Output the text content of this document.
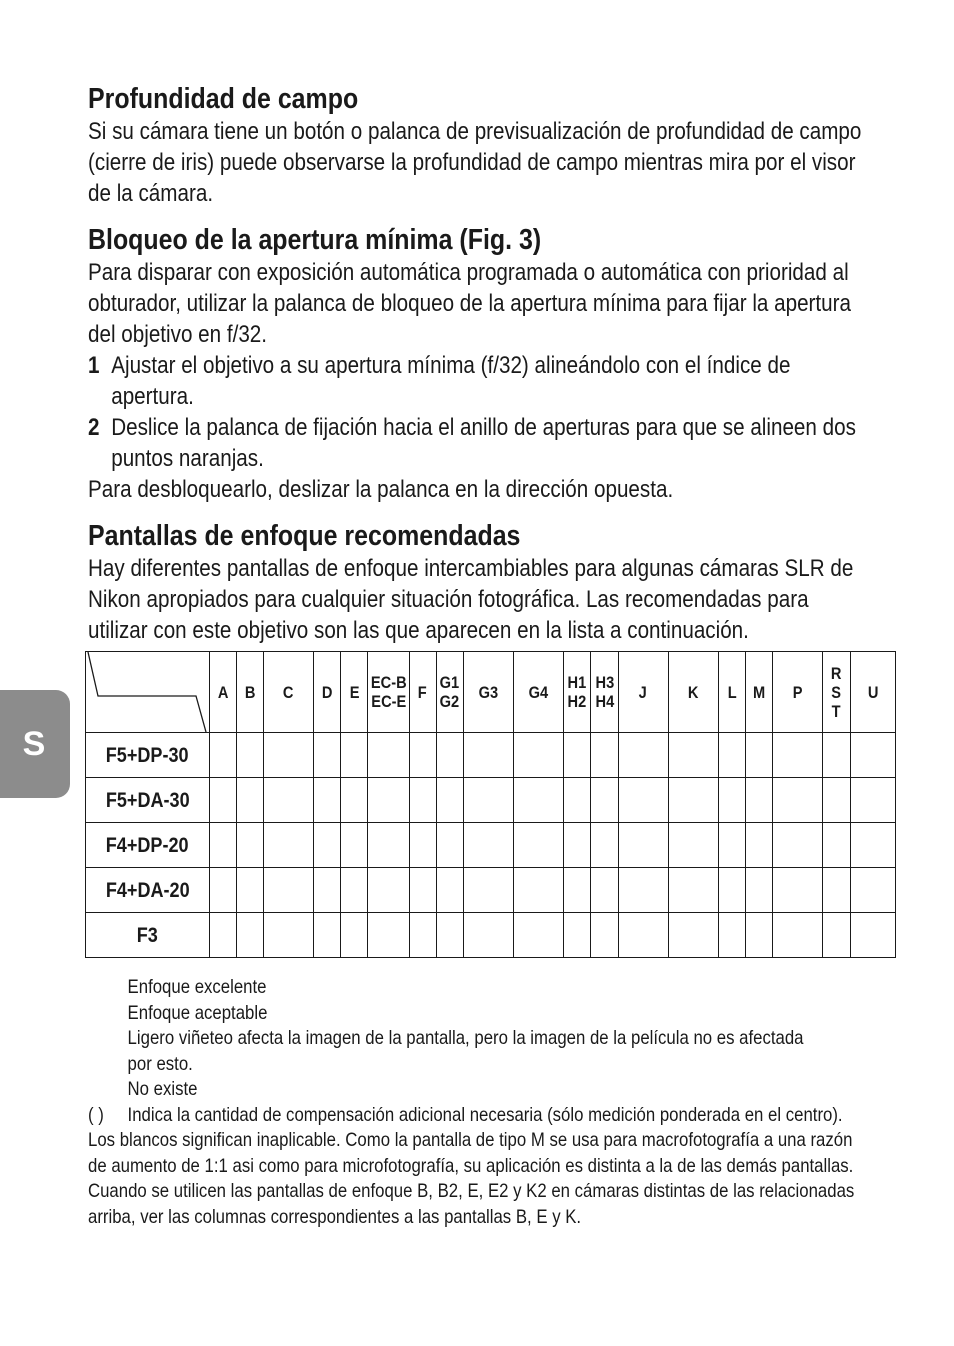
S
Profundidad de campo
Si su cámara tiene un botón o palanca de previsualización de profundidad de campo
(cierre de iris) puede observarse la profundidad de campo mientras mira por el visor
de la cámara.
Bloqueo de la apertura mínima (Fig. 3)
Para disparar con exposición automática programada o automática con prioridad al
obturador, utilizar la palanca de bloqueo de la apertura mínima para fijar la apertura
del objetivo en f/32.
1 Ajustar el objetivo a su apertura mínima (f/32) alineándolo con el índice de
apertura.
2 Deslice la palanca de fijación hacia el anillo de aperturas para que se alineen dos
puntos naranjas.
Para desbloquearlo, deslizar la palanca en la dirección opuesta.
Pantallas de enfoque recomendadas
Hay diferentes pantallas de enfoque intercambiables para algunas cámaras SLR de
Nikon apropiados para cualquier situación fotográfica. Las recomendadas para
utilizar con este objetivo son las que aparecen en la lista a continuación.
	A	B	C	D	E	EC-B
EC-E	F	G1
G2	G3	G4	H1
H2	H3
H4	J	K	L	M	P	R
S
T	U
F5+DP-30																			
F5+DA-30																			
F4+DP-20																			
F4+DA-20																			
F3																			
Enfoque excelente
Enfoque aceptable
Ligero viñeteo afecta la imagen de la pantalla, pero la imagen de la película no es afectada
por esto.
No existe
( ) Indica la cantidad de compensación adicional necesaria (sólo medición ponderada en el centro).
Los blancos significan inaplicable. Como la pantalla de tipo M se usa para macrofotografía a una razón
de aumento de 1:1 asi como para microfotografía, su aplicación es distinta a la de las demás pantallas.
Cuando se utilicen las pantallas de enfoque B, B2, E, E2 y K2 en cámaras distintas de las relacionadas
arriba, ver las columnas correspondientes a las pantallas B, E y K.
